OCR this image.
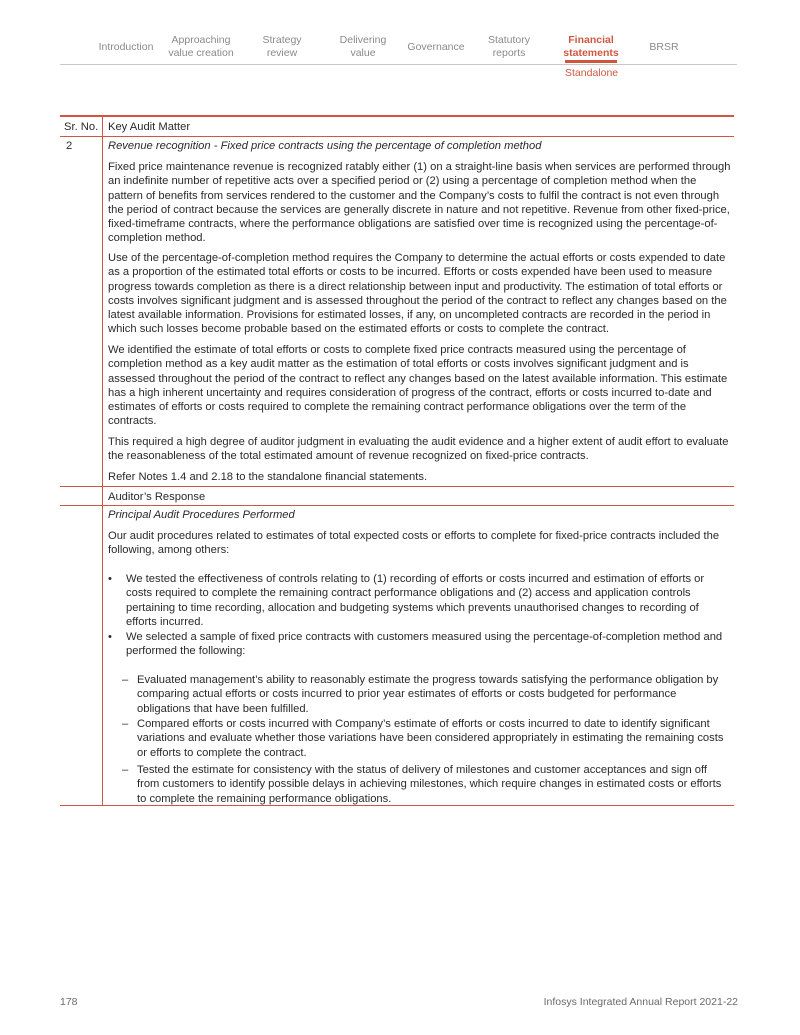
Introduction
Approaching
value creation
Strategy
review
Delivering
value	Governance
Statutory
reports
Financial
statements	BRSR
Standalone
Sr. No. Key Audit Matter
2	Revenue recognition - Fixed price contracts using the percentage of completion method
Fixed price maintenance revenue is recognized ratably either (1) on a straight-line basis when services are performed through an indefinite number of repetitive acts over a specified period or (2) using a percentage of completion method when the pattern of benefits from services rendered to the customer and the Company’s costs to fulfil the contract is not even through the period of contract because the services are generally discrete in nature and not repetitive. Revenue from other fixed-price, fixed-timeframe contracts, where the performance obligations are satisfied over time is recognized using the percentage-of-completion method.
Use of the percentage-of-completion method requires the Company to determine the actual efforts or costs expended to date as a proportion of the estimated total efforts or costs to be incurred. Efforts or costs expended have been used to measure progress towards completion as there is a direct relationship between input and productivity. The estimation of total efforts or costs involves significant judgment and is assessed throughout the period of the contract to reflect any changes based on the latest available information. Provisions for estimated losses, if any, on uncompleted contracts are recorded in the period in which such losses become probable based on the estimated efforts or costs to complete the contract.
We identified the estimate of total efforts or costs to complete fixed price contracts measured using the percentage of completion method as a key audit matter as the estimation of total efforts or costs involves significant judgment and is assessed throughout the period of the contract to reflect any changes based on the latest available information. This estimate has a high inherent uncertainty and requires consideration of progress of the contract, efforts or costs incurred to-date and estimates of efforts or costs required to complete the remaining contract performance obligations over the term of the contracts.
This required a high degree of auditor judgment in evaluating the audit evidence and a higher extent of audit effort to evaluate the reasonableness of the total estimated amount of revenue recognized on fixed-price contracts.
Refer Notes 1.4 and 2.18 to the standalone financial statements.
Auditor’s Response
Principal Audit Procedures Performed
Our audit procedures related to estimates of total expected costs or efforts to complete for fixed-price contracts included the following, among others:
• We tested the effectiveness of controls relating to (1) recording of efforts or costs incurred and estimation of efforts or costs required to complete the remaining contract performance obligations and (2) access and application controls pertaining to time recording, allocation and budgeting systems which prevents unauthorised changes to recording of efforts incurred.
• We selected a sample of fixed price contracts with customers measured using the percentage-of-completion method and performed the following:
– Evaluated management’s ability to reasonably estimate the progress towards satisfying the performance obligation by comparing actual efforts or costs incurred to prior year estimates of efforts or costs budgeted for performance obligations that have been fulfilled.
– Compared efforts or costs incurred with Company’s estimate of efforts or costs incurred to date to identify significant variations and evaluate whether those variations have been considered appropriately in estimating the remaining costs or efforts to complete the contract.
– Tested the estimate for consistency with the status of delivery of milestones and customer acceptances and sign off from customers to identify possible delays in achieving milestones, which require changes in estimated costs or efforts to complete the remaining performance obligations.
178	Infosys Integrated Annual Report 2021-22
